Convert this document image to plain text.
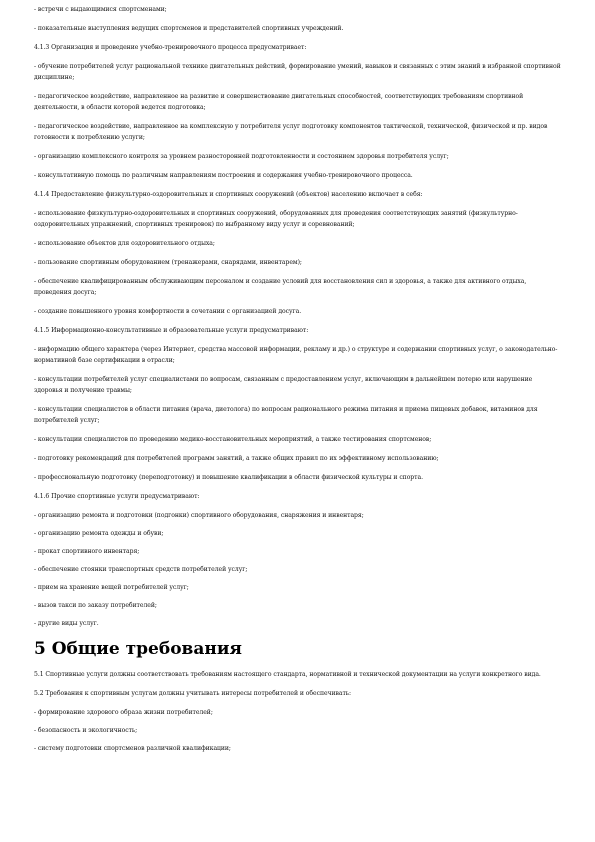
- встречи с выдающимися спортсменами;

- показательные выступления ведущих спортсменов и представителей спортивных учреждений.

4.1.3 Организация и проведение учебно-тренировочного процесса предусматривает:

- обучение потребителей услуг рациональной технике двигательных действий, формирование умений, навыков и связанных с этим знаний в избранной спортивной дисциплине;

- педагогическое воздействие, направленное на развитие и совершенствование двигательных способностей, соответствующих требованиям спортивной деятельности, в области которой ведется подготовка;

- педагогическое воздействие, направленное на комплексную у потребителя услуг подготовку компонентов тактической, технической, физической и пр. видов готовности к потреблению услуги;

- организацию комплексного контроля за уровнем разносторонней подготовленности и состоянием здоровья потребителя услуг;

- консультативную помощь по различным направлениям построения и содержания учебно-тренировочного процесса.

4.1.4 Предоставление физкультурно-оздоровительных и спортивных сооружений (объектов) населению включает в себя:

- использование физкультурно-оздоровительных и спортивных сооружений, оборудованных для проведения соответствующих занятий (физкультурно-оздоровительных упражнений, спортивных тренировок) по выбранному виду услуг и соревнований;

- использование объектов для оздоровительного отдыха;

- пользование спортивным оборудованием (тренажерами, снарядами, инвентарем);

- обеспечение квалифицированным обслуживающим персоналом и создание условий для восстановления сил и здоровья, а также для активного отдыха, проведения досуга;

- создание повышенного уровня комфортности в сочетании с организацией досуга.

4.1.5 Информационно-консультативные и образовательные услуги предусматривают:

- информацию общего характера (через Интернет, средства массовой информации, рекламу и др.) о структуре и содержании спортивных услуг, о законодательно-нормативной базе сертификации в отрасли;

- консультации потребителей услуг специалистами по вопросам, связанным с предоставлением услуг, включающим в дальнейшем потерю или нарушение здоровья и получение травмы;

- консультации специалистов в области питания (врача, диетолога) по вопросам рационального режима питания и приема пищевых добавок, витаминов для потребителей услуг;

- консультации специалистов по проведению медико-восстановительных мероприятий, а также тестирования спортсменов;

- подготовку рекомендаций для потребителей программ занятий, а также общих правил по их эффективному использованию;

- профессиональную подготовку (переподготовку) и повышение квалификации в области физической культуры и спорта.

4.1.6 Прочие спортивные услуги предусматривают:

- организацию ремонта и подготовки (подгонки) спортивного оборудования, снаряжения и инвентаря;

- организацию ремонта одежды и обуви;

- прокат спортивного инвентаря;

- обеспечение стоянки транспортных средств потребителей услуг;

- прием на хранение вещей потребителей услуг;

- вызов такси по заказу потребителей;

- другие виды услуг.

5 Общие требования

5.1 Спортивные услуги должны соответствовать требованиям настоящего стандарта, нормативной и технической документации на услуги конкретного вида.

5.2 Требования к спортивным услугам должны учитывать интересы потребителей и обеспечивать:

- формирование здорового образа жизни потребителей;

- безопасность и экологичность;

- систему подготовки спортсменов различной квалификации;
